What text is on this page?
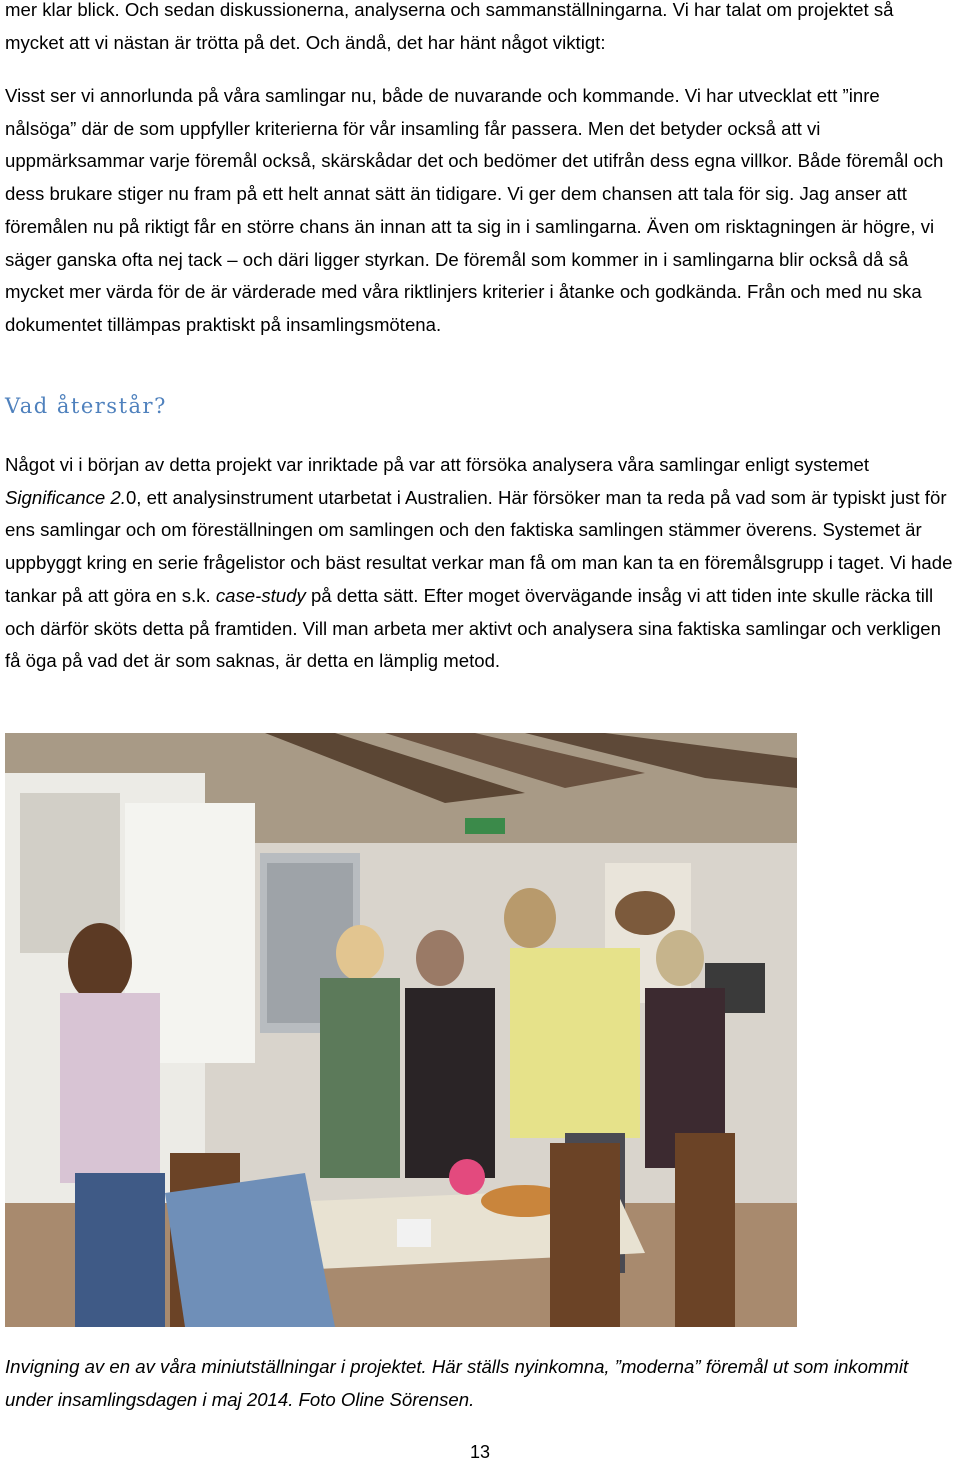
mer klar blick. Och sedan diskussionerna, analyserna och sammanställningarna. Vi har talat om projektet så mycket att vi nästan är trötta på det. Och ändå, det har hänt något viktigt:

Visst ser vi annorlunda på våra samlingar nu, både de nuvarande och kommande. Vi har utvecklat ett ”inre nålsöga” där de som uppfyller kriterierna för vår insamling får passera. Men det betyder också att vi uppmärksammar varje föremål också, skärskådar det och bedömer det utifrån dess egna villkor. Både föremål och dess brukare stiger nu fram på ett helt annat sätt än tidigare. Vi ger dem chansen att tala för sig. Jag anser att föremålen nu på riktigt får en större chans än innan att ta sig in i samlingarna. Även om risktagningen är högre, vi säger ganska ofta nej tack – och däri ligger styrkan. De föremål som kommer in i samlingarna blir också då så mycket mer värda för de är värderade med våra riktlinjers kriterier i åtanke och godkända. Från och med nu ska dokumentet tillämpas praktiskt på insamlingsmötena.

Vad återstår?

Något vi i början av detta projekt var inriktade på var att försöka analysera våra samlingar enligt systemet Significance 2.0, ett analysinstrument utarbetat i Australien. Här försöker man ta reda på vad som är typiskt just för ens samlingar och om föreställningen om samlingen och den faktiska samlingen stämmer överens. Systemet är uppbyggt kring en serie frågelistor och bäst resultat verkar man få om man kan ta en föremålsgrupp i taget. Vi hade tankar på att göra en s.k. case-study på detta sätt. Efter moget övervägande insåg vi att tiden inte skulle räcka till och därför sköts detta på framtiden. Vill man arbeta mer aktivt och analysera sina faktiska samlingar och verkligen få öga på vad det är som saknas, är detta en lämplig metod.

Invigning av en av våra miniutställningar i projektet. Här ställs nyinkomna, ”moderna” föremål ut som inkommit under insamlingsdagen i maj 2014. Foto Oline Sörensen.

13
